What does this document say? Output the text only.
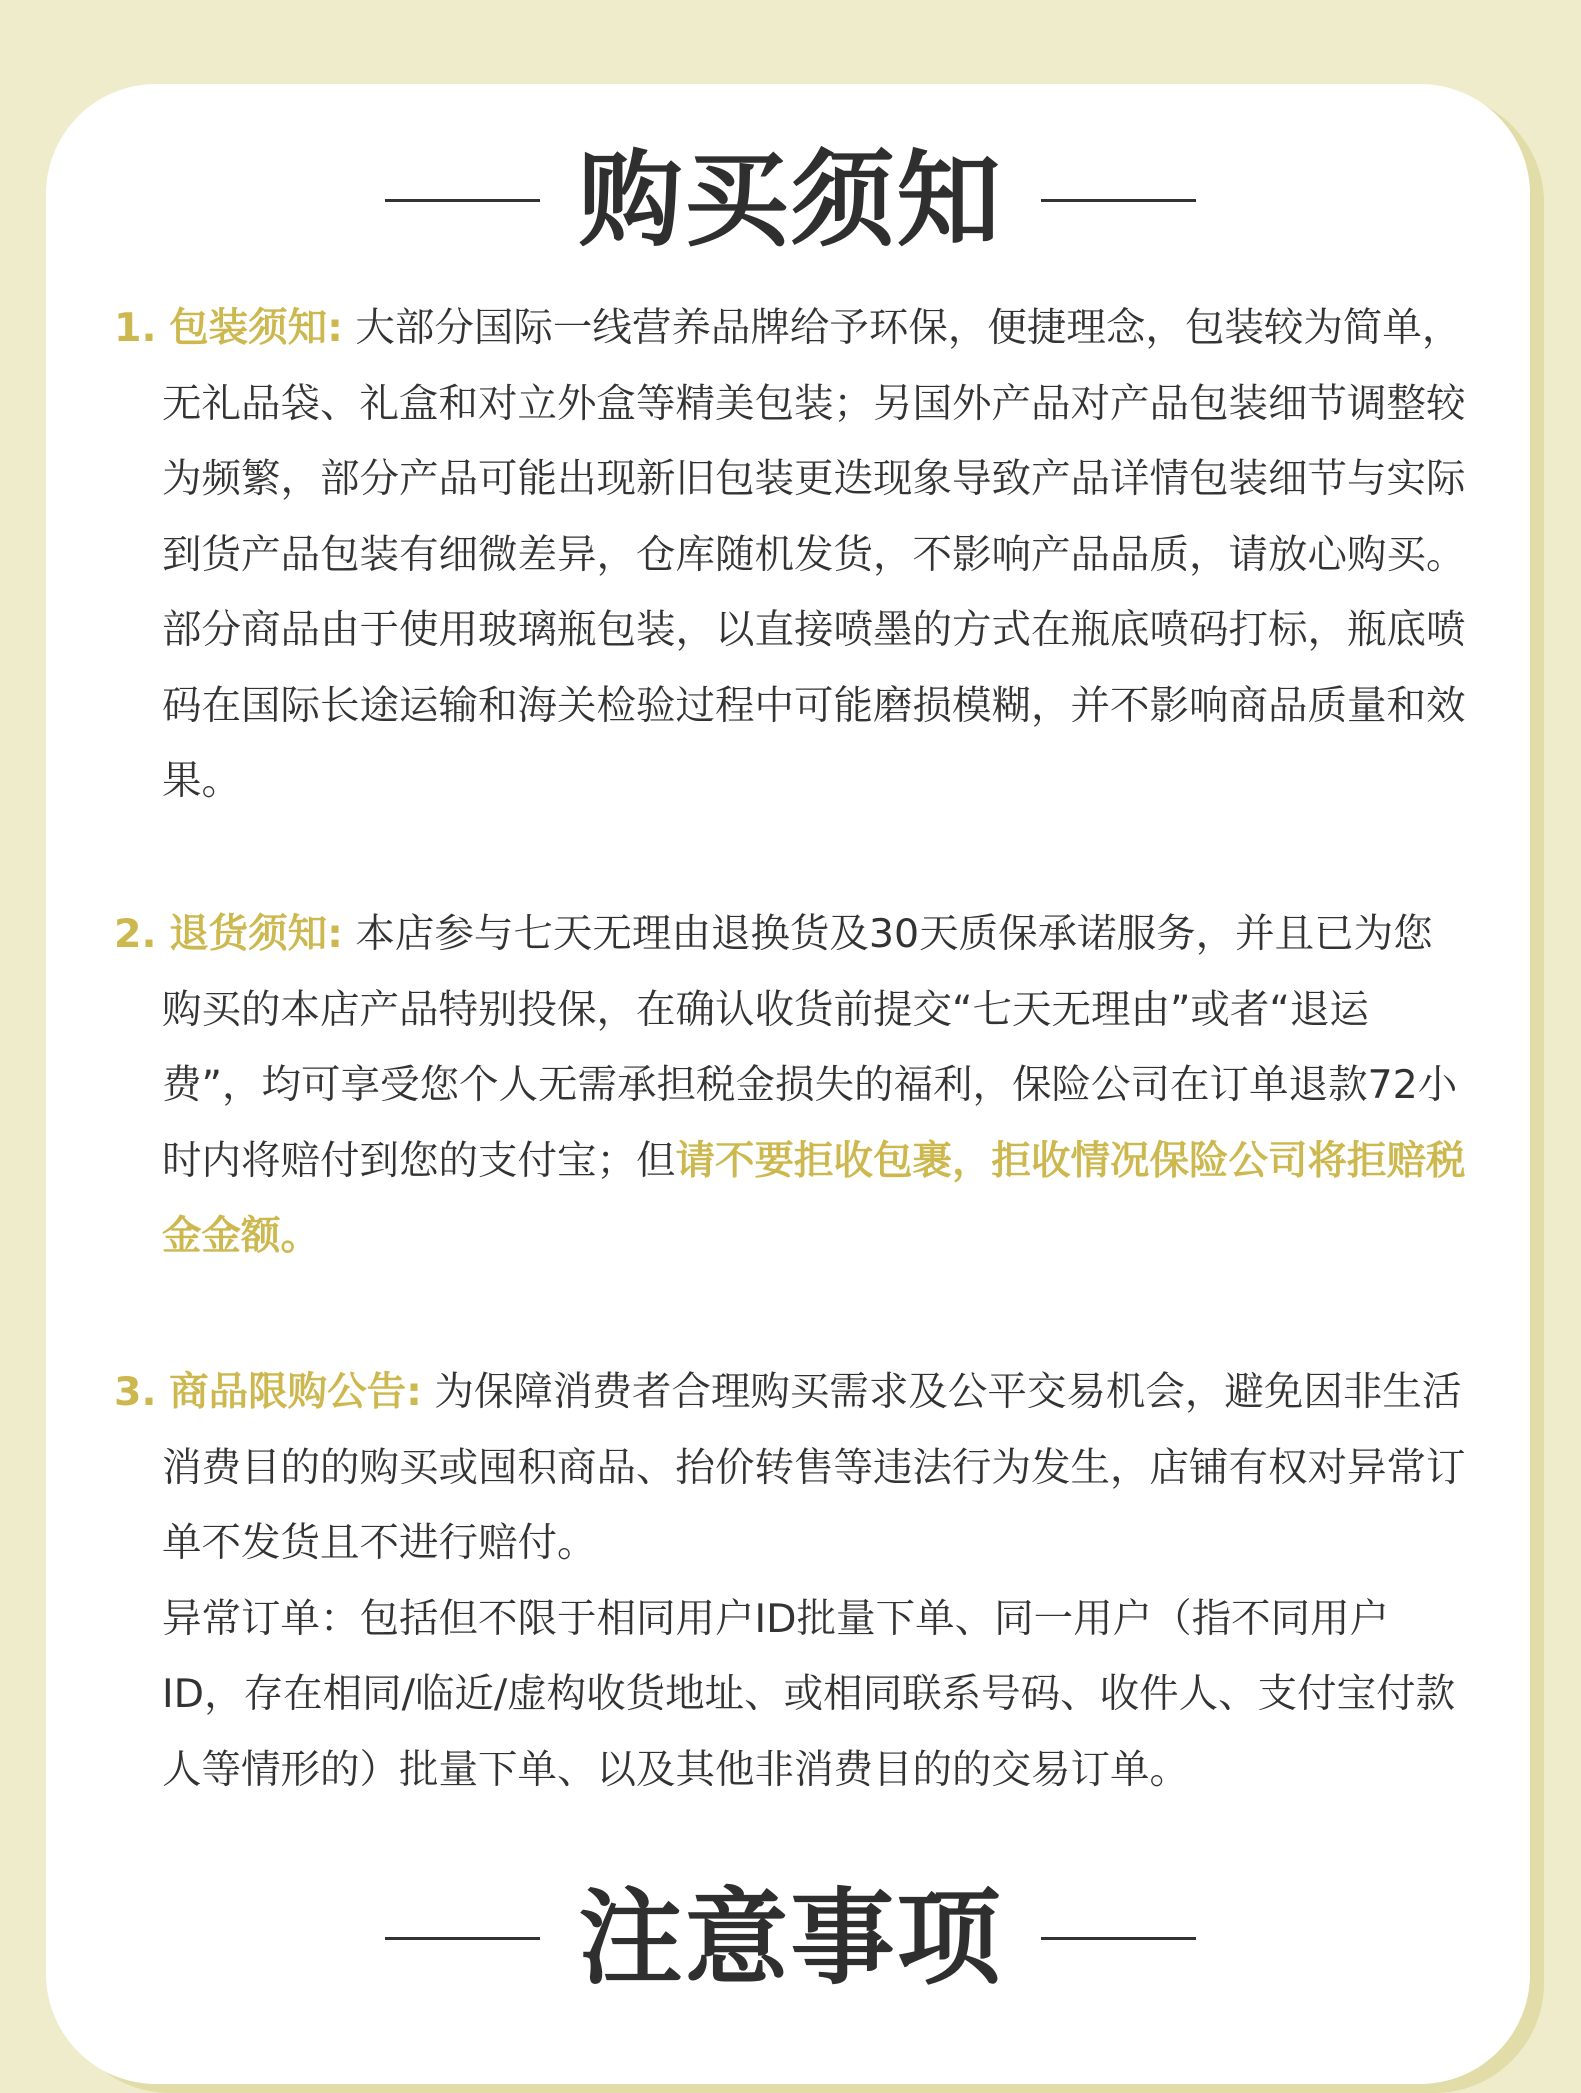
购买须知

1. 包装须知: 大部分国际一线营养品牌给予环保，便捷理念，包装较为简单，无礼品袋、礼盒和对立外盒等精美包装；另国外产品对产品包装细节调整较为频繁，部分产品可能出现新旧包装更迭现象导致产品详情包装细节与实际到货产品包装有细微差异，仓库随机发货，不影响产品品质，请放心购买。部分商品由于使用玻璃瓶包装，以直接喷墨的方式在瓶底喷码打标，瓶底喷码在国际长途运输和海关检验过程中可能磨损模糊，并不影响商品质量和效果。

2. 退货须知: 本店参与七天无理由退换货及30天质保承诺服务，并且已为您购买的本店产品特别投保，在确认收货前提交“七天无理由”或者“退运费”，均可享受您个人无需承担税金损失的福利，保险公司在订单退款72小时内将赔付到您的支付宝；但请不要拒收包裹，拒收情况保险公司将拒赔税金金额。

3. 商品限购公告: 为保障消费者合理购买需求及公平交易机会，避免因非生活消费目的的购买或囤积商品、抬价转售等违法行为发生，店铺有权对异常订单不发货且不进行赔付。

异常订单：包括但不限于相同用户ID批量下单、同一用户（指不同用户ID，存在相同/临近/虚构收货地址、或相同联系号码、收件人、支付宝付款人等情形的）批量下单、以及其他非消费目的的交易订单。

注意事项
